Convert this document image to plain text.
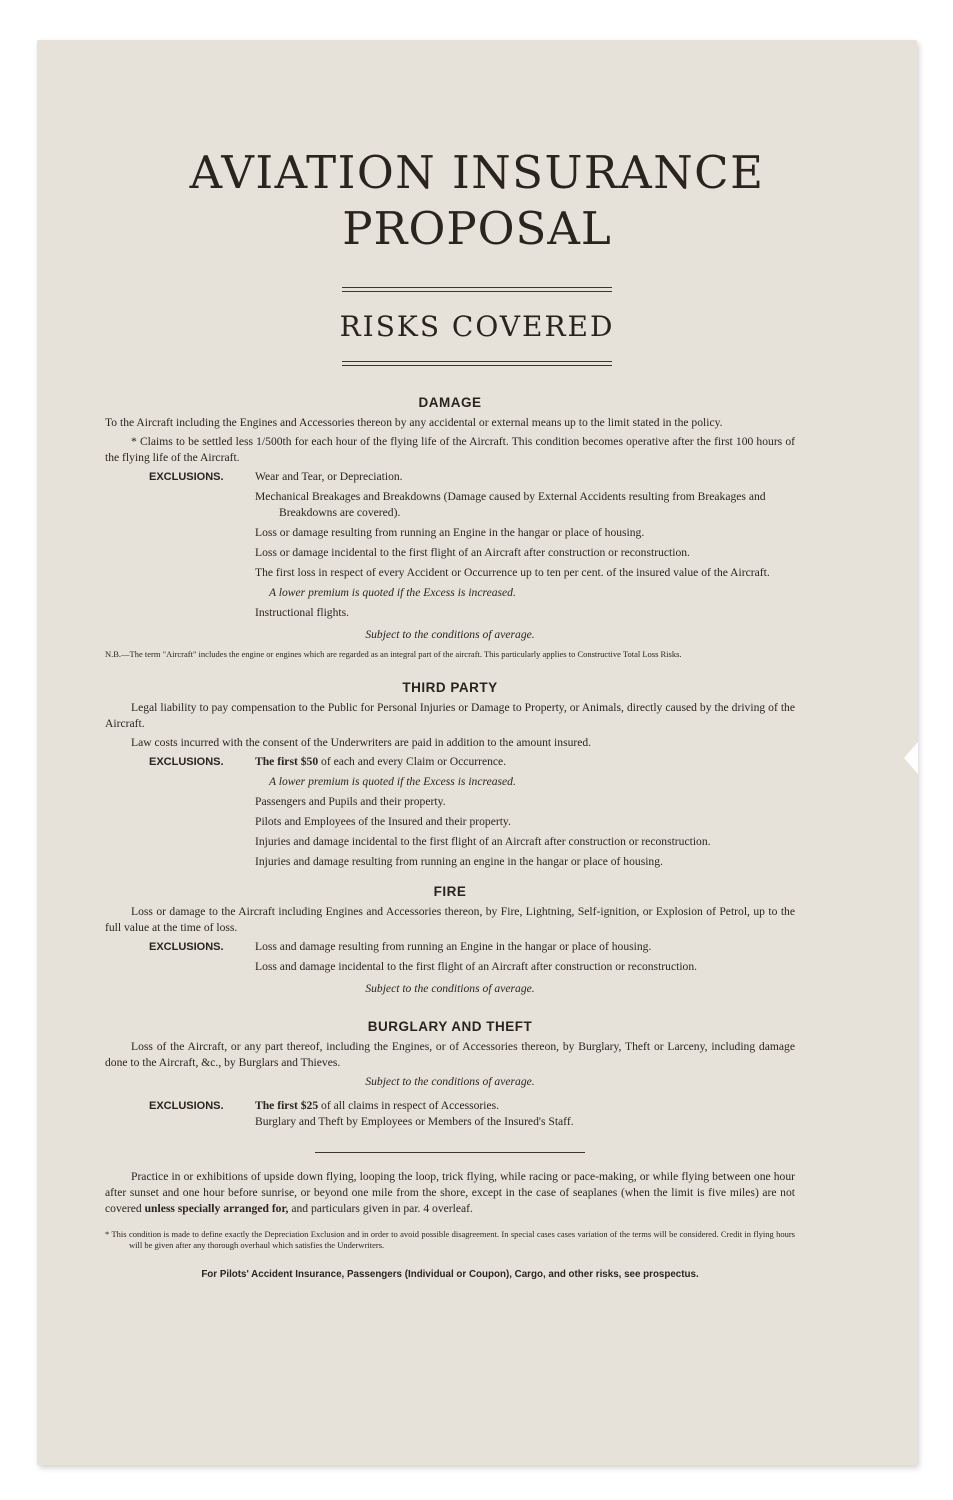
AVIATION INSURANCE
PROPOSAL
RISKS COVERED
DAMAGE

To the Aircraft including the Engines and Accessories thereon by any accidental or external means up to the limit stated in the policy.

* Claims to be settled less 1/500th for each hour of the flying life of the Aircraft. This condition becomes operative after the first 100 hours of the flying life of the Aircraft.

EXCLUSIONS.	Wear and Tear, or Depreciation.
Mechanical Breakages and Breakdowns (Damage caused by External Accidents resulting from Breakages and Breakdowns are covered).
Loss or damage resulting from running an Engine in the hangar or place of housing.
Loss or damage incidental to the first flight of an Aircraft after construction or reconstruction.
The first loss in respect of every Accident or Occurrence up to ten per cent. of the insured value of the Aircraft.
A lower premium is quoted if the Excess is increased.
Instructional flights.
Subject to the conditions of average.

N.B.—The term "Aircraft" includes the engine or engines which are regarded as an integral part of the aircraft. This particularly applies to Constructive Total Loss Risks.

THIRD PARTY

Legal liability to pay compensation to the Public for Personal Injuries or Damage to Property, or Animals, directly caused by the driving of the Aircraft.

Law costs incurred with the consent of the Underwriters are paid in addition to the amount insured.

EXCLUSIONS.	The first $50 of each and every Claim or Occurrence.
A lower premium is quoted if the Excess is increased.
Passengers and Pupils and their property.
Pilots and Employees of the Insured and their property.
Injuries and damage incidental to the first flight of an Aircraft after construction or reconstruction.
Injuries and damage resulting from running an engine in the hangar or place of housing.
FIRE

Loss or damage to the Aircraft including Engines and Accessories thereon, by Fire, Lightning, Self-ignition, or Explosion of Petrol, up to the full value at the time of loss.

EXCLUSIONS.	Loss and damage resulting from running an Engine in the hangar or place of housing.
Loss and damage incidental to the first flight of an Aircraft after construction or reconstruction.
Subject to the conditions of average.
BURGLARY AND THEFT

Loss of the Aircraft, or any part thereof, including the Engines, or of Accessories thereon, by Burglary, Theft or Larceny, including damage done to the Aircraft, &c., by Burglars and Thieves.

Subject to the conditions of average.
EXCLUSIONS.	The first $25 of all claims in respect of Accessories.
Burglary and Theft by Employees or Members of the Insured's Staff.

Practice in or exhibitions of upside down flying, looping the loop, trick flying, while racing or pace-making, or while flying between one hour after sunset and one hour before sunrise, or beyond one mile from the shore, except in the case of seaplanes (when the limit is five miles) are not covered unless specially arranged for, and particulars given in par. 4 overleaf.

* This condition is made to define exactly the Depreciation Exclusion and in order to avoid possible disagreement. In special cases cases variation of the terms will be considered. Credit in flying hours will be given after any thorough overhaul which satisfies the Underwriters.

For Pilots' Accident Insurance, Passengers (Individual or Coupon), Cargo, and other risks, see prospectus.
